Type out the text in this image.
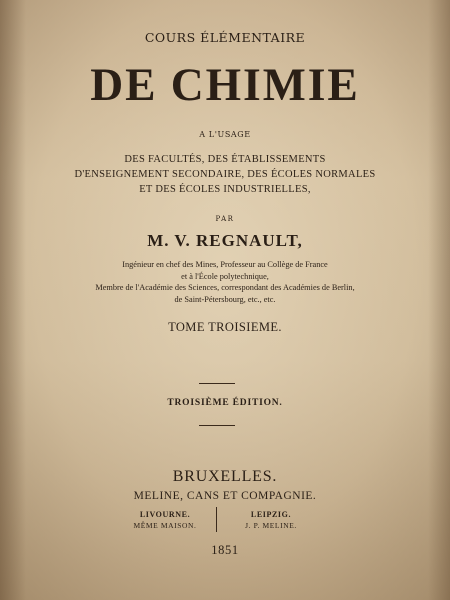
COURS ÉLÉMENTAIRE
DE CHIMIE
A L'USAGE
DES FACULTÉS, DES ÉTABLISSEMENTS
D'ENSEIGNEMENT SECONDAIRE, DES ÉCOLES NORMALES
ET DES ÉCOLES INDUSTRIELLES,
PAR
M. V. REGNAULT,
Ingénieur en chef des Mines, Professeur au Collège de France
et à l'École polytechnique,
Membre de l'Académie des Sciences, correspondant des Académies de Berlin,
de Saint-Pétersbourg, etc., etc.
TOME TROISIEME.
TROISIÈME ÉDITION.
BRUXELLES.
MELINE, CANS ET COMPAGNIE.
LIVOURNE.
MÊME MAISON.
LEIPZIG.
J. P. MELINE.
1851
